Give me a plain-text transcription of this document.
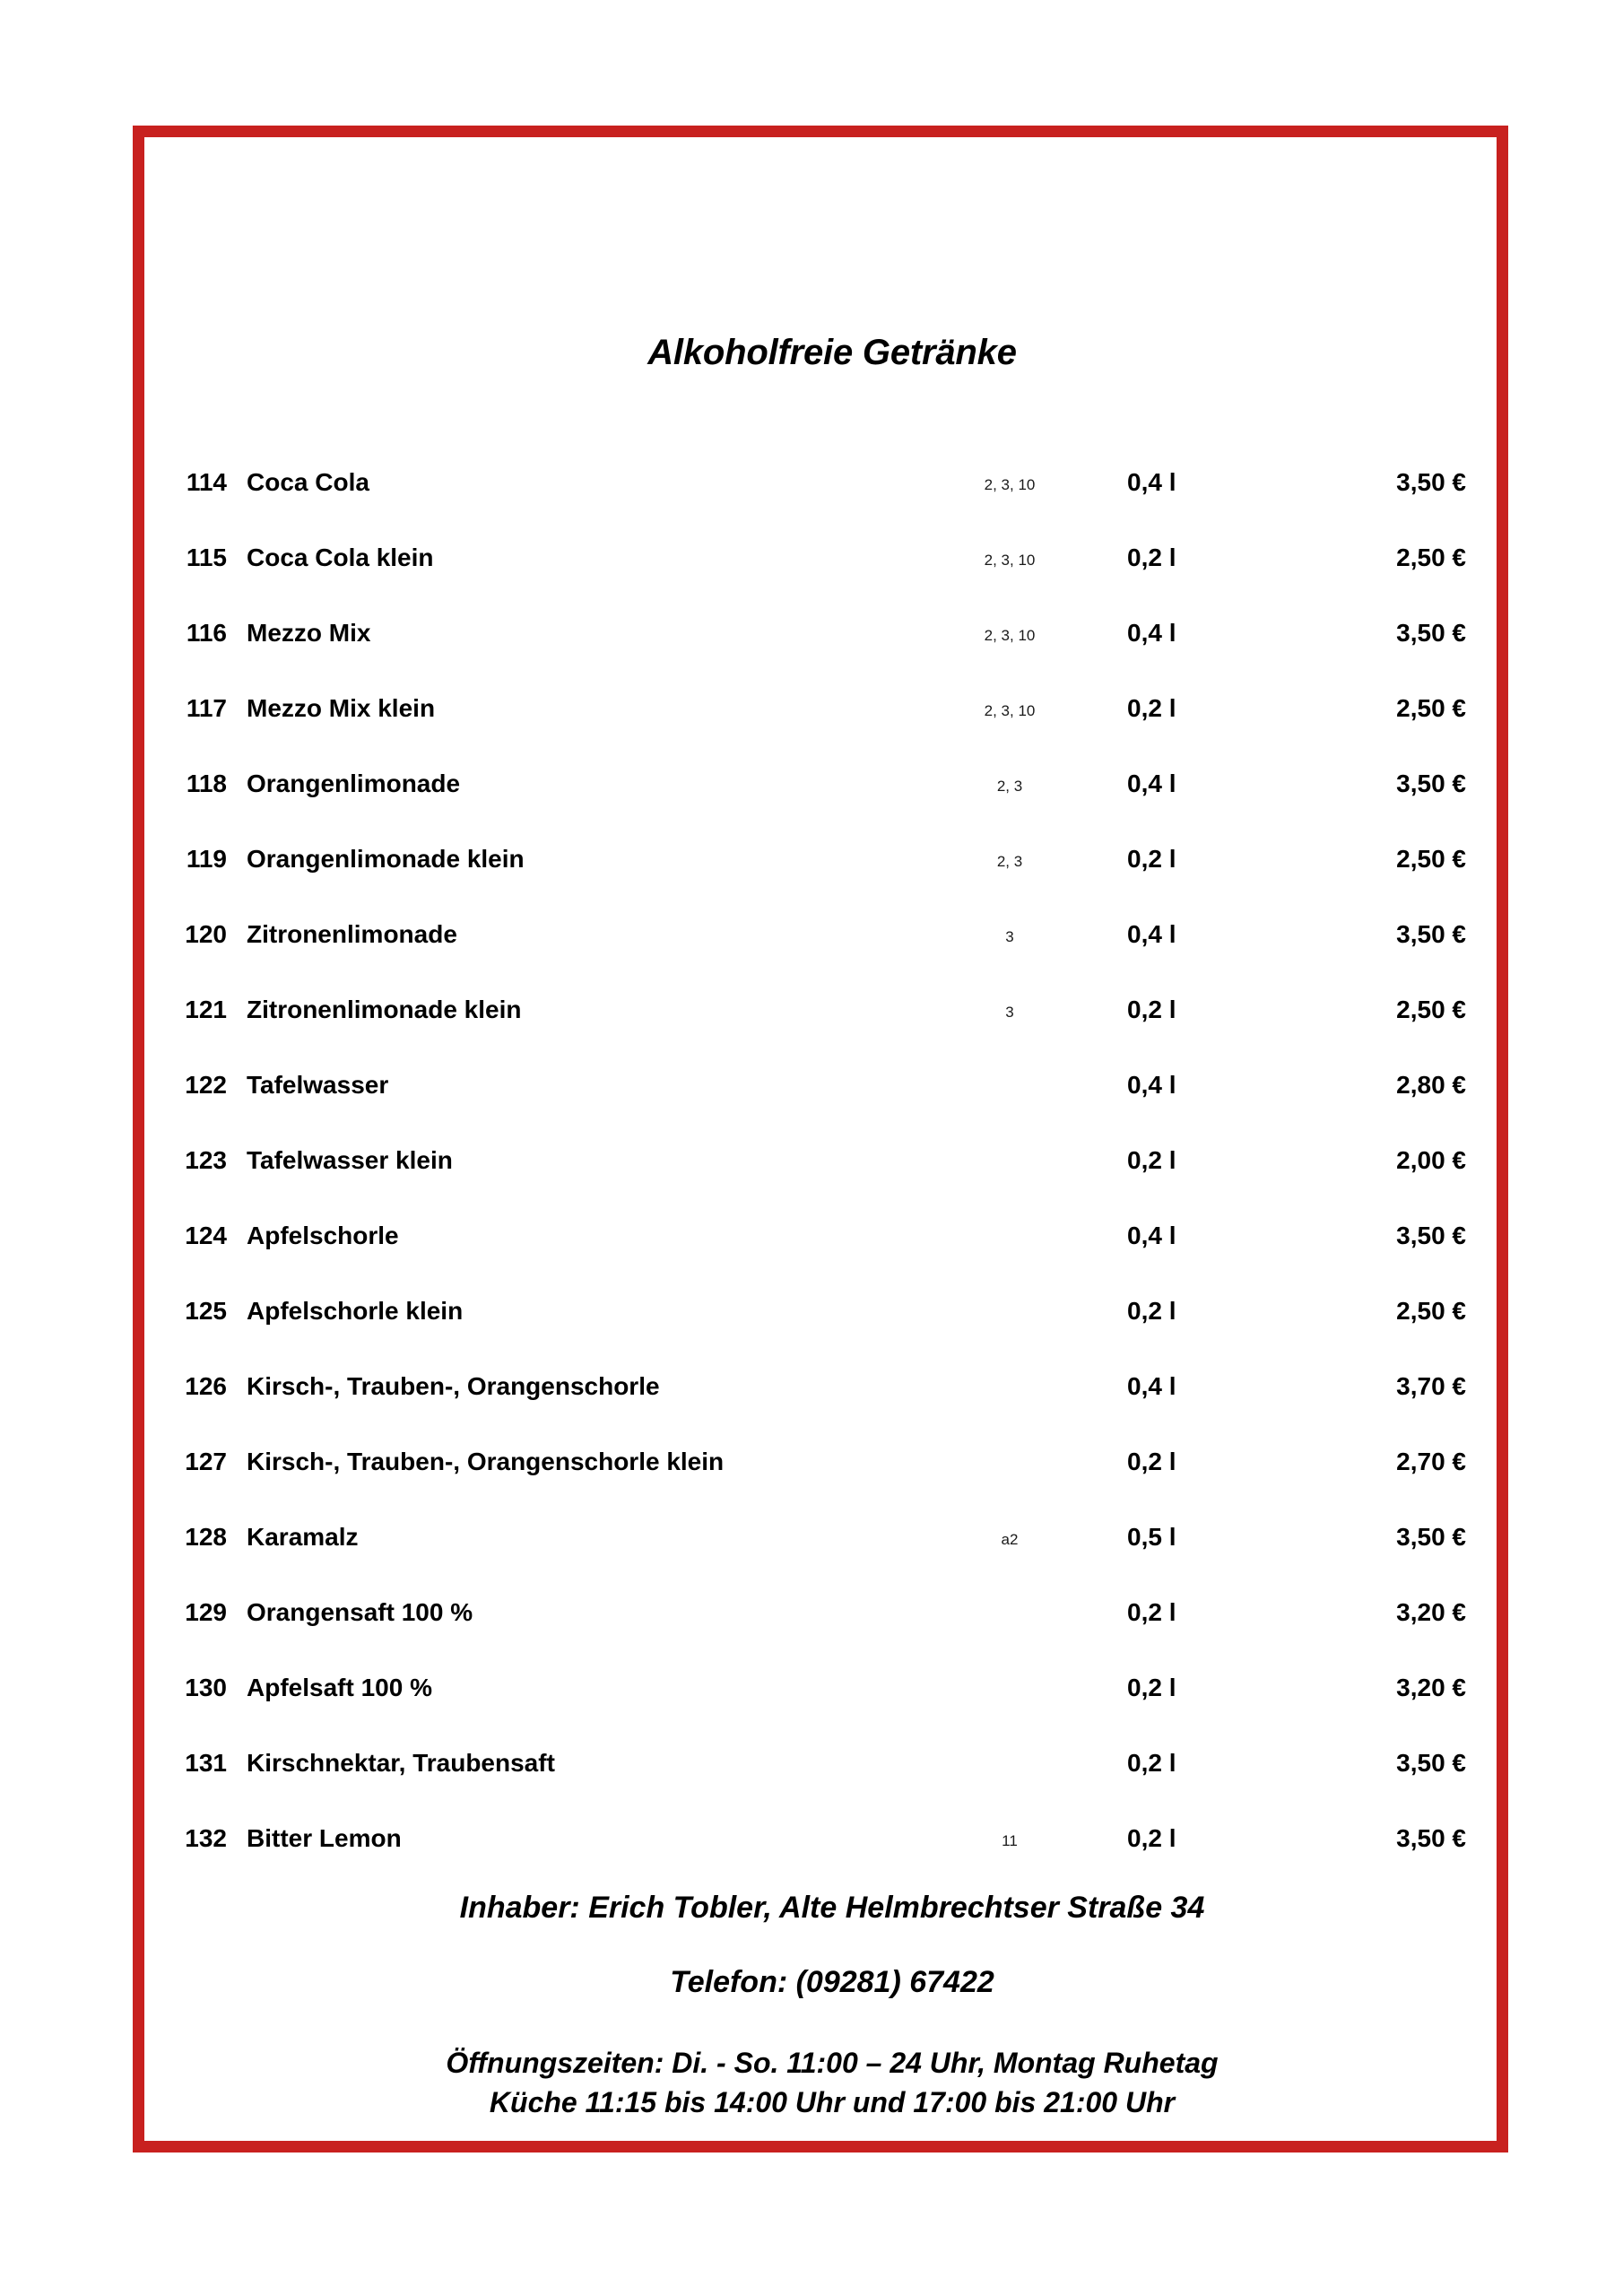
Alkoholfreie Getränke
114 Coca Cola	2, 3, 10	0,4 l	3,50 €
115 Coca Cola klein	2, 3, 10	0,2 l	2,50 €
116 Mezzo Mix	2, 3, 10	0,4 l	3,50 €
117 Mezzo Mix klein	2, 3, 10	0,2 l	2,50 €
118 Orangenlimonade	2, 3	0,4 l	3,50 €
119 Orangenlimonade klein	2, 3	0,2 l	2,50 €
120 Zitronenlimonade	3	0,4 l	3,50 €
121 Zitronenlimonade klein	3	0,2 l	2,50 €
122 Tafelwasser	0,4 l	2,80 €
123 Tafelwasser klein	0,2 l	2,00 €
124 Apfelschorle	0,4 l	3,50 €
125 Apfelschorle klein	0,2 l	2,50 €
126 Kirsch-, Trauben-, Orangenschorle	0,4 l	3,70 €
127 Kirsch-, Trauben-, Orangenschorle klein	0,2 l	2,70 €
128 Karamalz	a2	0,5 l	3,50 €
129 Orangensaft 100 %	0,2 l	3,20 €
130 Apfelsaft 100 %	0,2 l	3,20 €
131 Kirschnektar, Traubensaft	0,2 l	3,50 €
132 Bitter Lemon	11	0,2 l	3,50 €
Inhaber: Erich Tobler, Alte Helmbrechtser Straße 34
Telefon: (09281) 67422
Öffnungszeiten: Di. - So. 11:00 – 24 Uhr, Montag Ruhetag
Küche 11:15 bis 14:00 Uhr und 17:00 bis 21:00 Uhr
